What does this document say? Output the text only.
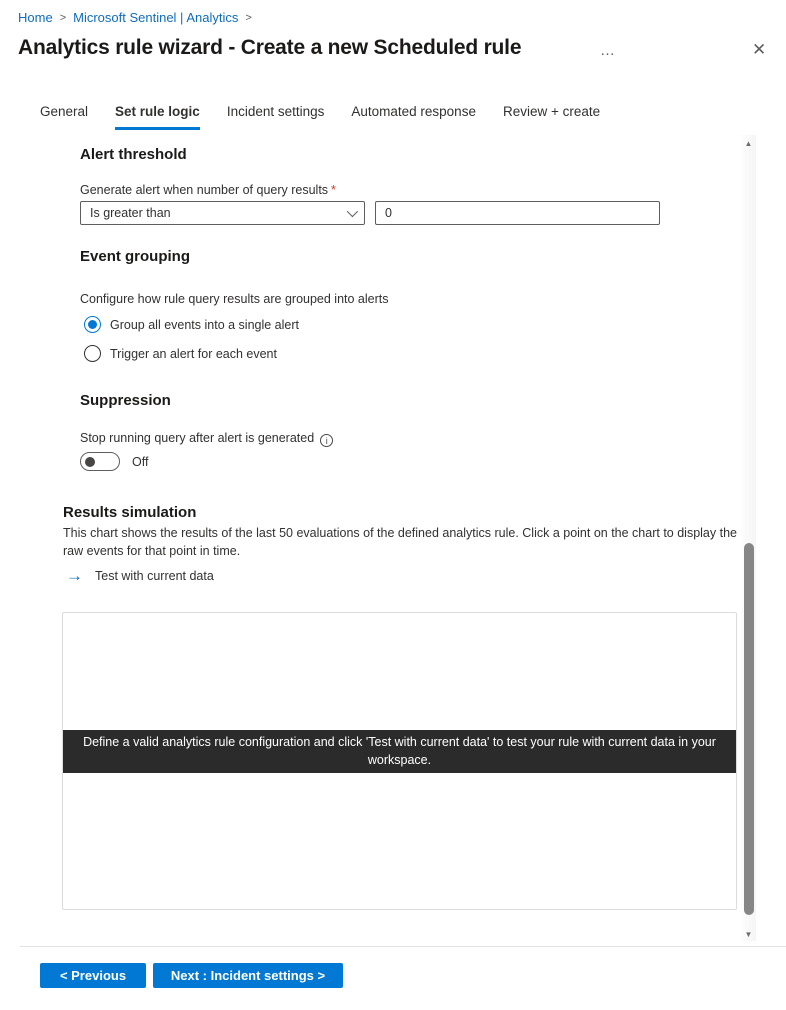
Home > Microsoft Sentinel | Analytics >
Analytics rule wizard - Create a new Scheduled rule	…	✕
General Set rule logic Incident settings Automated response Review + create
Alert threshold
Generate alert when number of query results *
Is greater than
0
Event grouping
Configure how rule query results are grouped into alerts
Group all events into a single alert
Trigger an alert for each event
Suppression
Stop running query after alert is generated i
Off
Results simulation
This chart shows the results of the last 50 evaluations of the defined analytics rule. Click a point on the chart to display the raw events for that point in time.
→ Test with current data
Define a valid analytics rule configuration and click 'Test with current data' to test your rule with current data in your workspace.
▲
▼
< Previous	Next : Incident settings >
